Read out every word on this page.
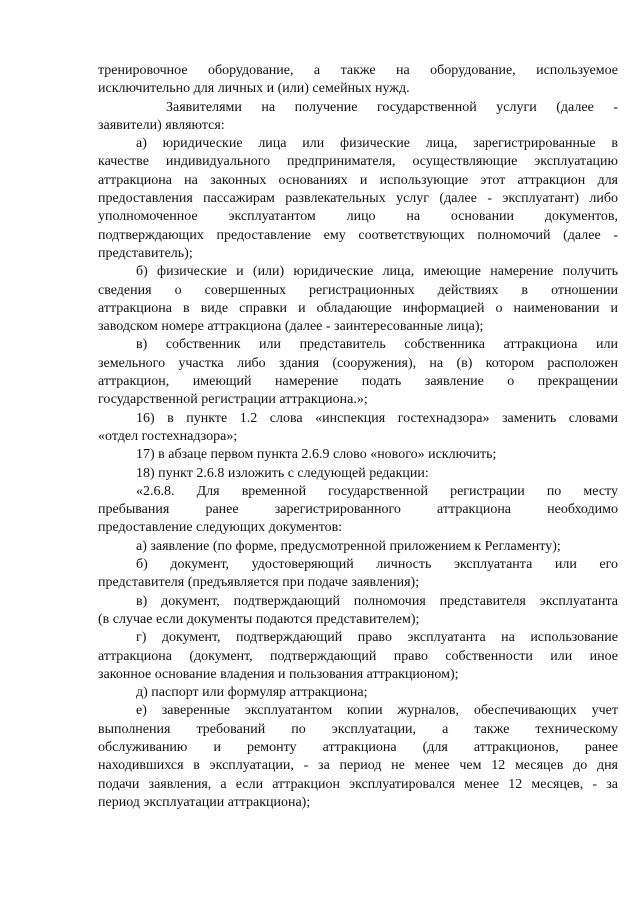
тренировочное оборудование, а также на оборудование, используемое
исключительно для личных и (или) семейных нужд.
Заявителями на получение государственной услуги (далее -
заявители) являются:
а) юридические лица или физические лица, зарегистрированные в
качестве индивидуального предпринимателя, осуществляющие эксплуатацию
аттракциона на законных основаниях и использующие этот аттракцион для
предоставления пассажирам развлекательных услуг (далее - эксплуатант) либо
уполномоченное эксплуатантом лицо на основании документов,
подтверждающих предоставление ему соответствующих полномочий (далее -
представитель);
б) физические и (или) юридические лица, имеющие намерение получить
сведения о совершенных регистрационных действиях в отношении
аттракциона в виде справки и обладающие информацией о наименовании и
заводском номере аттракциона (далее - заинтересованные лица);
в) собственник или представитель собственника аттракциона или
земельного участка либо здания (сооружения), на (в) котором расположен
аттракцион, имеющий намерение подать заявление о прекращении
государственной регистрации аттракциона.»;
16) в пункте 1.2 слова «инспекция гостехнадзора» заменить словами
«отдел гостехнадзора»;
17) в абзаце первом пункта 2.6.9 слово «нового» исключить;
18) пункт 2.6.8 изложить с следующей редакции:
«2.6.8. Для временной государственной регистрации по месту
пребывания ранее зарегистрированного аттракциона необходимо
предоставление следующих документов:
а) заявление (по форме, предусмотренной приложением к Регламенту);
б) документ, удостоверяющий личность эксплуатанта или его
представителя (предъявляется при подаче заявления);
в) документ, подтверждающий полномочия представителя эксплуатанта
(в случае если документы подаются представителем);
г) документ, подтверждающий право эксплуатанта на использование
аттракциона (документ, подтверждающий право собственности или иное
законное основание владения и пользования аттракционом);
д) паспорт или формуляр аттракциона;
е) заверенные эксплуатантом копии журналов, обеспечивающих учет
выполнения требований по эксплуатации, а также техническому
обслуживанию и ремонту аттракциона (для аттракционов, ранее
находившихся в эксплуатации, - за период не менее чем 12 месяцев до дня
подачи заявления, а если аттракцион эксплуатировался менее 12 месяцев, - за
период эксплуатации аттракциона);
